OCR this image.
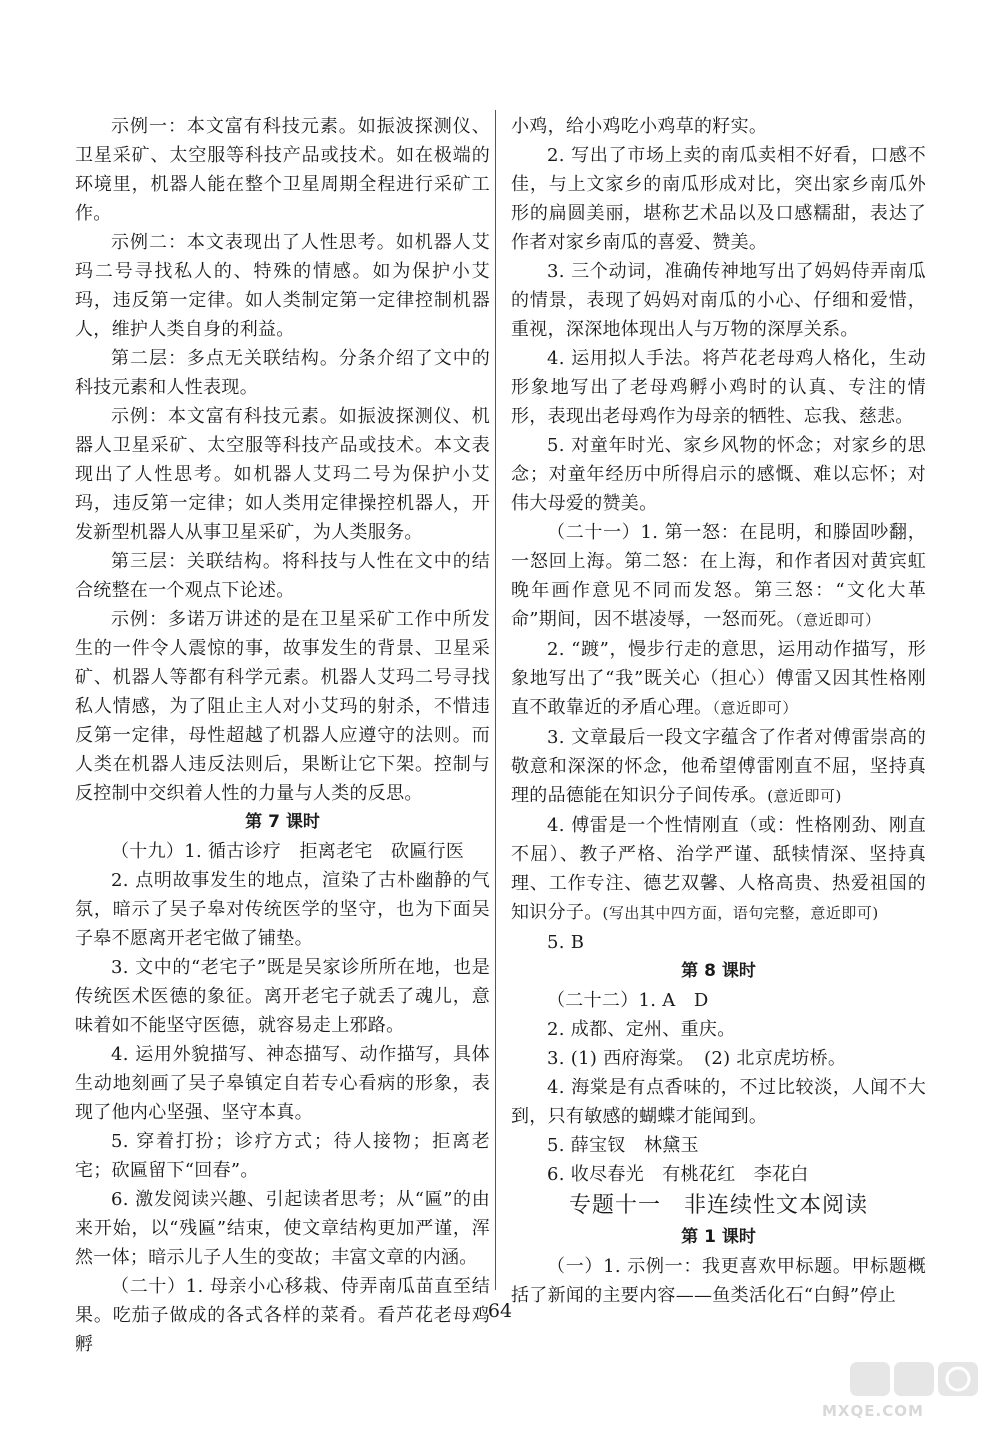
示例一：本文富有科技元素。如振波探测仪、卫星采矿、太空服等科技产品或技术。如在极端的环境里，机器人能在整个卫星周期全程进行采矿工作。

示例二：本文表现出了人性思考。如机器人艾玛二号寻找私人的、特殊的情感。如为保护小艾玛，违反第一定律。如人类制定第一定律控制机器人，维护人类自身的利益。

第二层：多点无关联结构。分条介绍了文中的科技元素和人性表现。

示例：本文富有科技元素。如振波探测仪、机器人卫星采矿、太空服等科技产品或技术。本文表现出了人性思考。如机器人艾玛二号为保护小艾玛，违反第一定律；如人类用定律操控机器人，开发新型机器人从事卫星采矿，为人类服务。

第三层：关联结构。将科技与人性在文中的结合统整在一个观点下论述。

示例：多诺万讲述的是在卫星采矿工作中所发生的一件令人震惊的事，故事发生的背景、卫星采矿、机器人等都有科学元素。机器人艾玛二号寻找私人情感，为了阻止主人对小艾玛的射杀，不惜违反第一定律，母性超越了机器人应遵守的法则。而人类在机器人违反法则后，果断让它下架。控制与反控制中交织着人性的力量与人类的反思。

第 7 课时

（十九）1. 循古诊疗　拒离老宅　砍匾行医

2. 点明故事发生的地点，渲染了古朴幽静的气氛，暗示了吴子皋对传统医学的坚守，也为下面吴子皋不愿离开老宅做了铺垫。

3. 文中的“老宅子”既是吴家诊所所在地，也是传统医术医德的象征。离开老宅子就丢了魂儿，意味着如不能坚守医德，就容易走上邪路。

4. 运用外貌描写、神态描写、动作描写，具体生动地刻画了吴子皋镇定自若专心看病的形象，表现了他内心坚强、坚守本真。

5. 穿着打扮；诊疗方式；待人接物；拒离老宅；砍匾留下“回春”。

6. 激发阅读兴趣、引起读者思考；从“匾”的由来开始，以“残匾”结束，使文章结构更加严谨，浑然一体；暗示儿子人生的变故；丰富文章的内涵。

（二十）1. 母亲小心移栽、侍弄南瓜苗直至结果。吃茄子做成的各式各样的菜肴。看芦花老母鸡孵

小鸡，给小鸡吃小鸡草的籽实。

2. 写出了市场上卖的南瓜卖相不好看，口感不佳，与上文家乡的南瓜形成对比，突出家乡南瓜外形的扁圆美丽，堪称艺术品以及口感糯甜，表达了作者对家乡南瓜的喜爱、赞美。

3. 三个动词，准确传神地写出了妈妈侍弄南瓜的情景，表现了妈妈对南瓜的小心、仔细和爱惜，重视，深深地体现出人与万物的深厚关系。

4. 运用拟人手法。将芦花老母鸡人格化，生动形象地写出了老母鸡孵小鸡时的认真、专注的情形，表现出老母鸡作为母亲的牺牲、忘我、慈悲。

5. 对童年时光、家乡风物的怀念；对家乡的思念；对童年经历中所得启示的感慨、难以忘怀；对伟大母爱的赞美。

（二十一）1. 第一怒：在昆明，和滕固吵翻，一怒回上海。第二怒：在上海，和作者因对黄宾虹晚年画作意见不同而发怒。第三怒：“文化大革命”期间，因不堪凌辱，一怒而死。（意近即可）

2. “踱”，慢步行走的意思，运用动作描写，形象地写出了“我”既关心（担心）傅雷又因其性格刚直不敢靠近的矛盾心理。（意近即可）

3. 文章最后一段文字蕴含了作者对傅雷崇高的敬意和深深的怀念，他希望傅雷刚直不屈，坚持真理的品德能在知识分子间传承。(意近即可)

4. 傅雷是一个性情刚直（或：性格刚劲、刚直不屈）、教子严格、治学严谨、舐犊情深、坚持真理、工作专注、德艺双馨、人格高贵、热爱祖国的知识分子。(写出其中四方面，语句完整，意近即可)

5. B

第 8 课时

（二十二）1. A　D

2. 成都、定州、重庆。

3. (1) 西府海棠。　(2) 北京虎坊桥。

4. 海棠是有点香味的，不过比较淡，人闻不大到，只有敏感的蝴蝶才能闻到。

5. 薛宝钗　林黛玉

6. 收尽春光　有桃花红　李花白

专题十一　非连续性文本阅读

第 1 课时

（一）1. 示例一：我更喜欢甲标题。甲标题概括了新闻的主要内容——鱼类活化石“白鲟”停止

64
MXQE.COM
